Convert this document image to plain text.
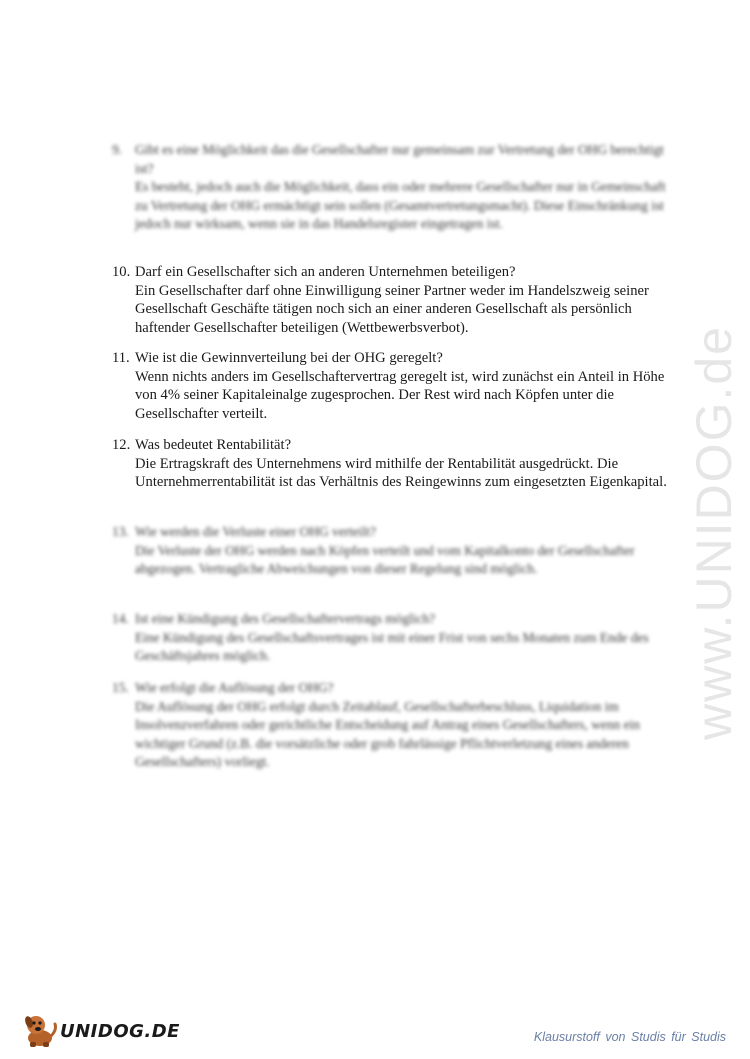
9. Gibt es eine Möglichkeit das die Gesellschafter nur gemeinsam zur Vertretung der OHG berechtigt ist?
Es besteht, jedoch auch die Möglichkeit, dass ein oder mehrere Gesellschafter nur in Gemeinschaft zu Vertretung der OHG ermächtigt sein sollen (Gesamtvertretungsmacht). Diese Einschränkung ist jedoch nur wirksam, wenn sie in das Handelsregister eingetragen ist.
10. Darf ein Gesellschafter sich an anderen Unternehmen beteiligen?
Ein Gesellschafter darf ohne Einwilligung seiner Partner weder im Handelszweig seiner Gesellschaft Geschäfte tätigen noch sich an einer anderen Gesellschaft als persönlich haftender Gesellschafter beteiligen (Wettbewerbsverbot).
11. Wie ist die Gewinnverteilung bei der OHG geregelt?
Wenn nichts anders im Gesellschaftervertrag geregelt ist, wird zunächst ein Anteil in Höhe von 4% seiner Kapitaleinalge zugesprochen. Der Rest wird nach Köpfen unter die Gesellschafter verteilt.
12. Was bedeutet Rentabilität?
Die Ertragskraft des Unternehmens wird mithilfe der Rentabilität ausgedrückt. Die Unternehmerrentabilität ist das Verhältnis des Reingewinns zum eingesetzten Eigenkapital.
13. Wie werden die Verluste einer OHG verteilt?
Die Verluste der OHG werden nach Köpfen verteilt und vom Kapitalkonto der Gesellschafter abgezogen. Vertragliche Abweichungen von dieser Regelung sind möglich.
14. Ist eine Kündigung des Gesellschaftervertrags möglich?
Eine Kündigung des Gesellschaftsvertrages ist mit einer Frist von sechs Monaten zum Ende des Geschäftsjahres möglich.
15. Wie erfolgt die Auflösung der OHG?
Die Auflösung der OHG erfolgt durch Zeitablauf, Gesellschafterbeschluss, Liquidation im Insolvenzverfahren oder gerichtliche Entscheidung auf Antrag eines Gesellschafters, wenn ein wichtiger Grund (z.B. die vorsätzliche oder grob fahrlässige Pflichtverletzung eines anderen Gesellschafters) vorliegt.
www.UNIDOG.de
UNIDOG.DE	Klausurstoff von Studis für Studis
